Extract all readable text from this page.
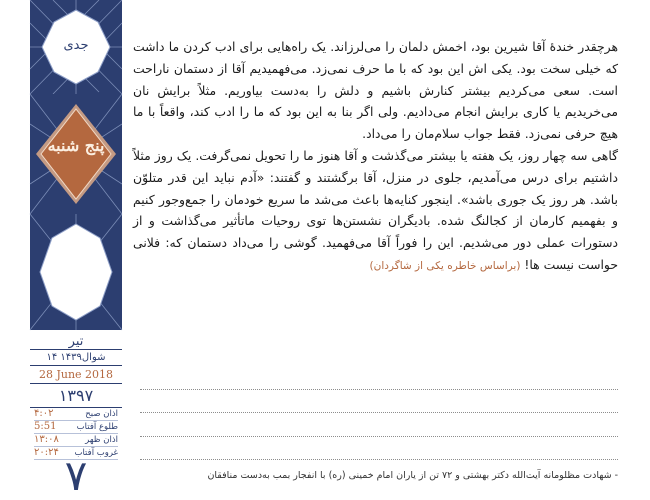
جدی
پنج شنبه
۷
تیر
۱۴ شوال۱۴۳۹
28 June 2018
۱۳۹۷
۴:۰۲	اذان صبح
5:51 طلوع آفتاب
۱۳:۰۸	اذان ظهر
۲۰:۲۴ غروب آفتاب

هرچقدر خندهٔ آقا شیرین بود، اخمش دلمان را می‌لرزاند. یک راه‌هایی برای ادب کردن ما داشت که خیلی سخت بود. یکی اش این بود که با ما حرف نمی‌زد. می‌فهمیدیم آقا از دستمان ناراحت است. سعی می‌کردیم بیشتر کنارش باشیم و دلش را به‌دست بیاوریم. مثلاً برایش نان می‌خریدیم یا کاری برایش انجام می‌دادیم. ولی اگر بنا به این بود که ما را ادب کند، واقعاً با ما هیچ حرفی نمی‌زد. فقط جواب سلام‌مان را می‌داد.

گاهی سه چهار روز، یک هفته یا بیشتر می‌گذشت و آقا هنوز ما را تحویل نمی‌گرفت. یک روز مثلاً داشتیم برای درس می‌آمدیم، جلوی در منزل، آقا برگشتند و گفتند: «آدم نباید این قدر متلوّن باشد. هر روز یک جوری باشد». اینجور کنایه‌ها باعث می‌شد ما سریع خودمان را جمع‌وجور کنیم و بفهمیم کارمان از کجالنگ شده. بادیگران نشستن‌ها توی روحیات ماتأثیر می‌گذاشت و از دستورات عملی دور می‌شدیم. این را فوراً آقا می‌فهمید. گوشی را می‌داد دستمان که: فلانی حواست نیست ها! (براساس خاطره یکی از شاگردان)

- شهادت مظلومانه آیت‌الله دکتر بهشتی و ۷۲ تن از یاران امام خمینی (ره) با انفجار بمب به‌دست منافقان
